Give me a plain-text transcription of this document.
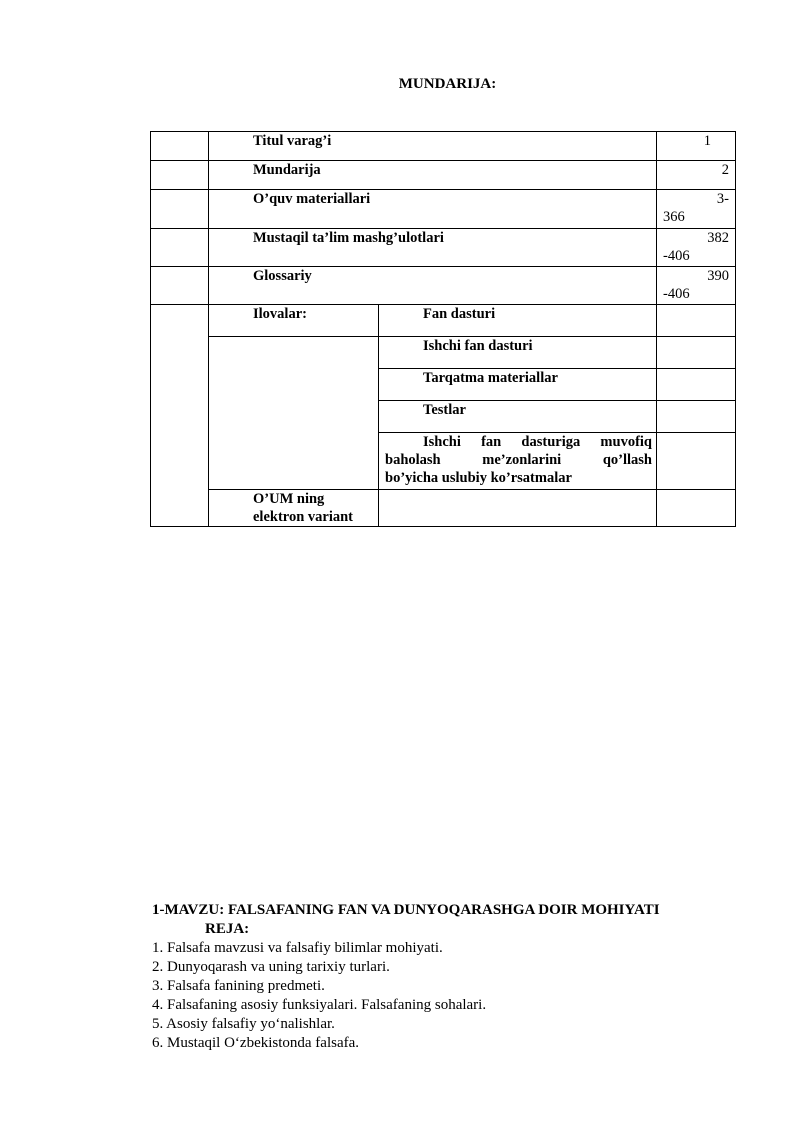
MUNDARIJA:
	Titul varag’i		1
	Mundarija		2
	O’quv materiallari		3-
366

	Mustaqil ta’lim mashg’ulotlari		382
-406

	Glossariy		390
-406

	Ilovalar:	Fan dasturi	
		Ishchi fan dasturi	
		Tarqatma materiallar	
		Testlar	

		Ishchi fan dasturiga muvofiq
baholash me’zonlarini qo’llash
bo’yicha uslubiy ko’rsatmalar	

	O’UM ning
elektron variant		

1-MAVZU: FALSAFANING FAN VA DUNYOQARASHGA DOIR MOHIYATI
REJA:
1. Falsafa mavzusi va falsafiy bilimlar mohiyati.
2. Dunyoqarash va uning tarixiy turlari.
3. Falsafa fanining predmeti.
4. Falsafaning asosiy funksiyalari. Falsafaning sohalari.
5. Asosiy falsafiy yo‘nalishlar.
6. Mustaqil O‘zbekistonda falsafa.
